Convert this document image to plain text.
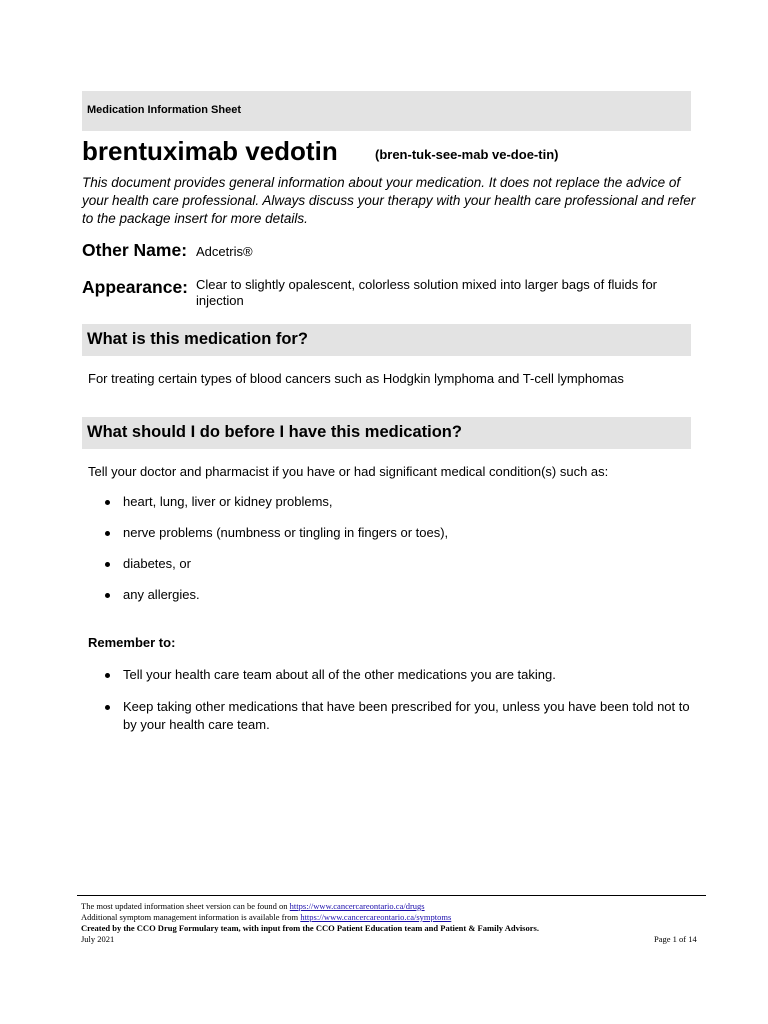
Medication Information Sheet
brentuximab vedotin	(bren-tuk-see-mab ve-doe-tin)
This document provides general information about your medication. It does not replace the advice of your health care professional. Always discuss your therapy with your health care professional and refer to the package insert for more details.
Other Name: Adcetris®
Appearance: Clear to slightly opalescent, colorless solution mixed into larger bags of fluids for injection
What is this medication for?
For treating certain types of blood cancers such as Hodgkin lymphoma and T-cell lymphomas
What should I do before I have this medication?
Tell your doctor and pharmacist if you have or had significant medical condition(s) such as:
heart, lung, liver or kidney problems,
nerve problems (numbness or tingling in fingers or toes),
diabetes, or
any allergies.
Remember to:
Tell your health care team about all of the other medications you are taking.
Keep taking other medications that have been prescribed for you, unless you have been told not to by your health care team.
The most updated information sheet version can be found on https://www.cancercareontario.ca/drugs
Additional symptom management information is available from https://www.cancercareontario.ca/symptoms
Created by the CCO Drug Formulary team, with input from the CCO Patient Education team and Patient & Family Advisors.
July 2021	Page 1 of 14
